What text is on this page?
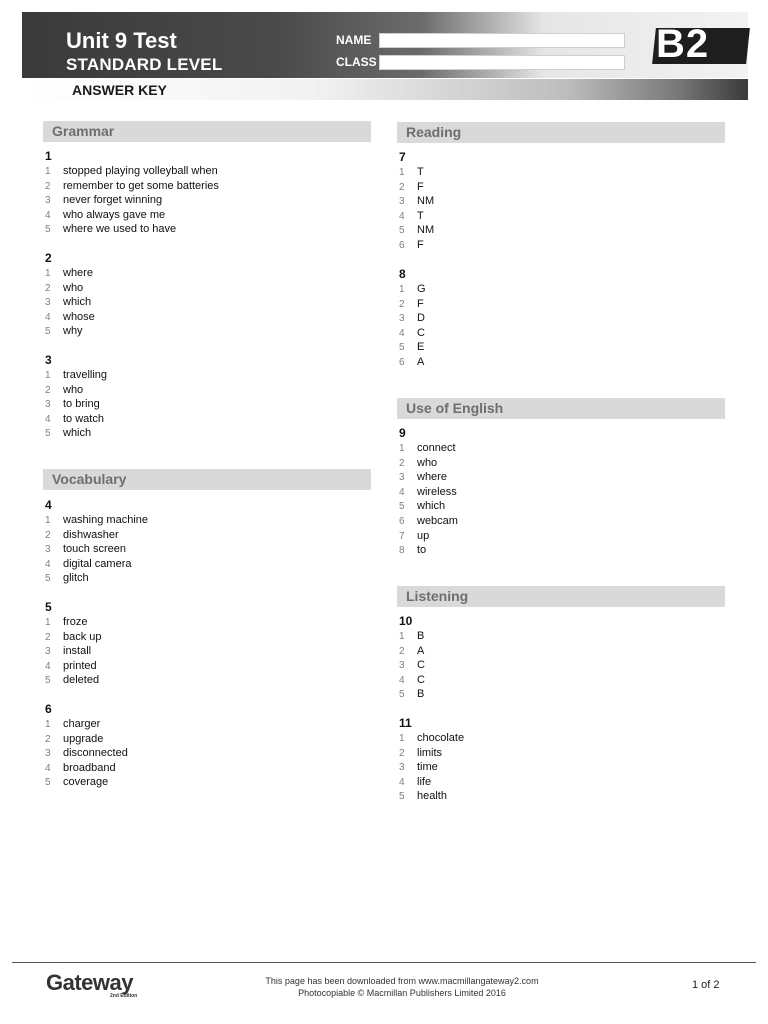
Unit 9 Test
STANDARD LEVEL
NAME
CLASS	B2
ANSWER KEY
Grammar
Vocabulary
Reading
Use of English
Listening
1
1 stopped playing volleyball when
2 remember to get some batteries
3 never forget winning
4 who always gave me
5 where we used to have
2
1 where
2 who
3 which
4 whose
5 why
3
1 travelling
2 who
3 to bring
4 to watch
5 which
4
1 washing machine
2 dishwasher
3 touch screen
4 digital camera
5 glitch
5
1 froze
2 back up
3 install
4 printed
5 deleted
6
1 charger
2 upgrade
3 disconnected
4 broadband
5 coverage
7
1 T
2 F
3 NM
4 T
5 NM
6 F
8
1 G
2 F
3 D
4 C
5 E
6 A
9
1 connect
2 who
3 where
4 wireless
5 which
6 webcam
7 up
8 to
10
1 B
2 A
3 C
4 C
5 B
11
1 chocolate
2 limits
3 time
4 life
5 health
Gateway
2nd Edition
This page has been downloaded from www.macmillangateway2.com
Photocopiable © Macmillan Publishers Limited 2016
1 of 2
